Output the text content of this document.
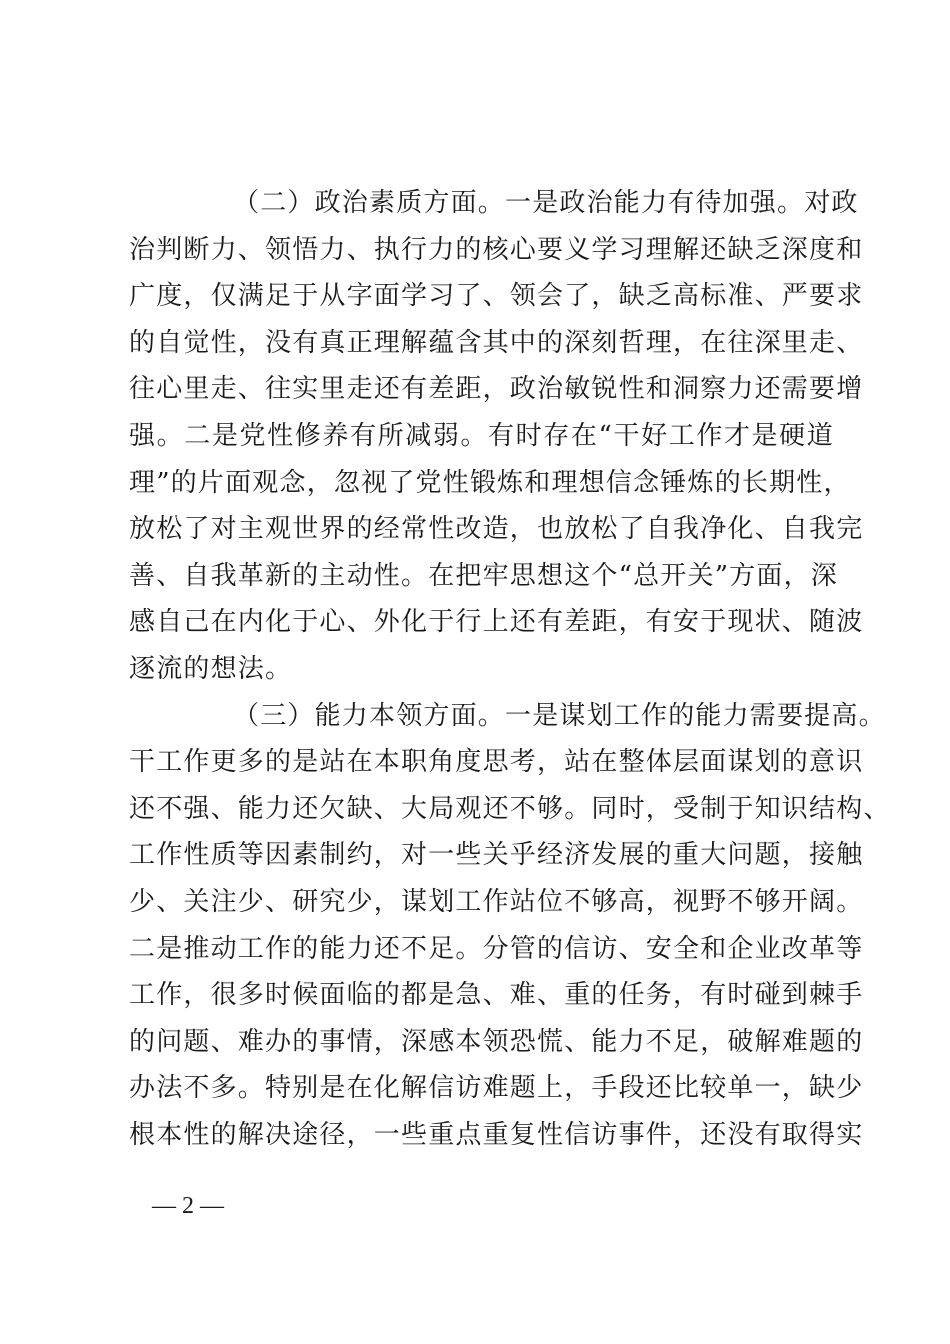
（二）政治素质方面。一是政治能力有待加强。对政
治判断力、领悟力、执行力的核心要义学习理解还缺乏深度和
广度，仅满足于从字面学习了、领会了，缺乏高标准、严要求
的自觉性，没有真正理解蕴含其中的深刻哲理，在往深里走、
往心里走、往实里走还有差距，政治敏锐性和洞察力还需要增
强。二是党性修养有所减弱。有时存在“干好工作才是硬道
理”的片面观念，忽视了党性锻炼和理想信念锤炼的长期性，
放松了对主观世界的经常性改造，也放松了自我净化、自我完
善、自我革新的主动性。在把牢思想这个“总开关”方面，深
感自己在内化于心、外化于行上还有差距，有安于现状、随波
逐流的想法。
（三）能力本领方面。一是谋划工作的能力需要提高。
干工作更多的是站在本职角度思考，站在整体层面谋划的意识
还不强、能力还欠缺、大局观还不够。同时，受制于知识结构、
工作性质等因素制约，对一些关乎经济发展的重大问题，接触
少、关注少、研究少，谋划工作站位不够高，视野不够开阔。
二是推动工作的能力还不足。分管的信访、安全和企业改革等
工作，很多时候面临的都是急、难、重的任务，有时碰到棘手
的问题、难办的事情，深感本领恐慌、能力不足，破解难题的
办法不多。特别是在化解信访难题上，手段还比较单一，缺少
根本性的解决途径，一些重点重复性信访事件，还没有取得实
— 2 —
